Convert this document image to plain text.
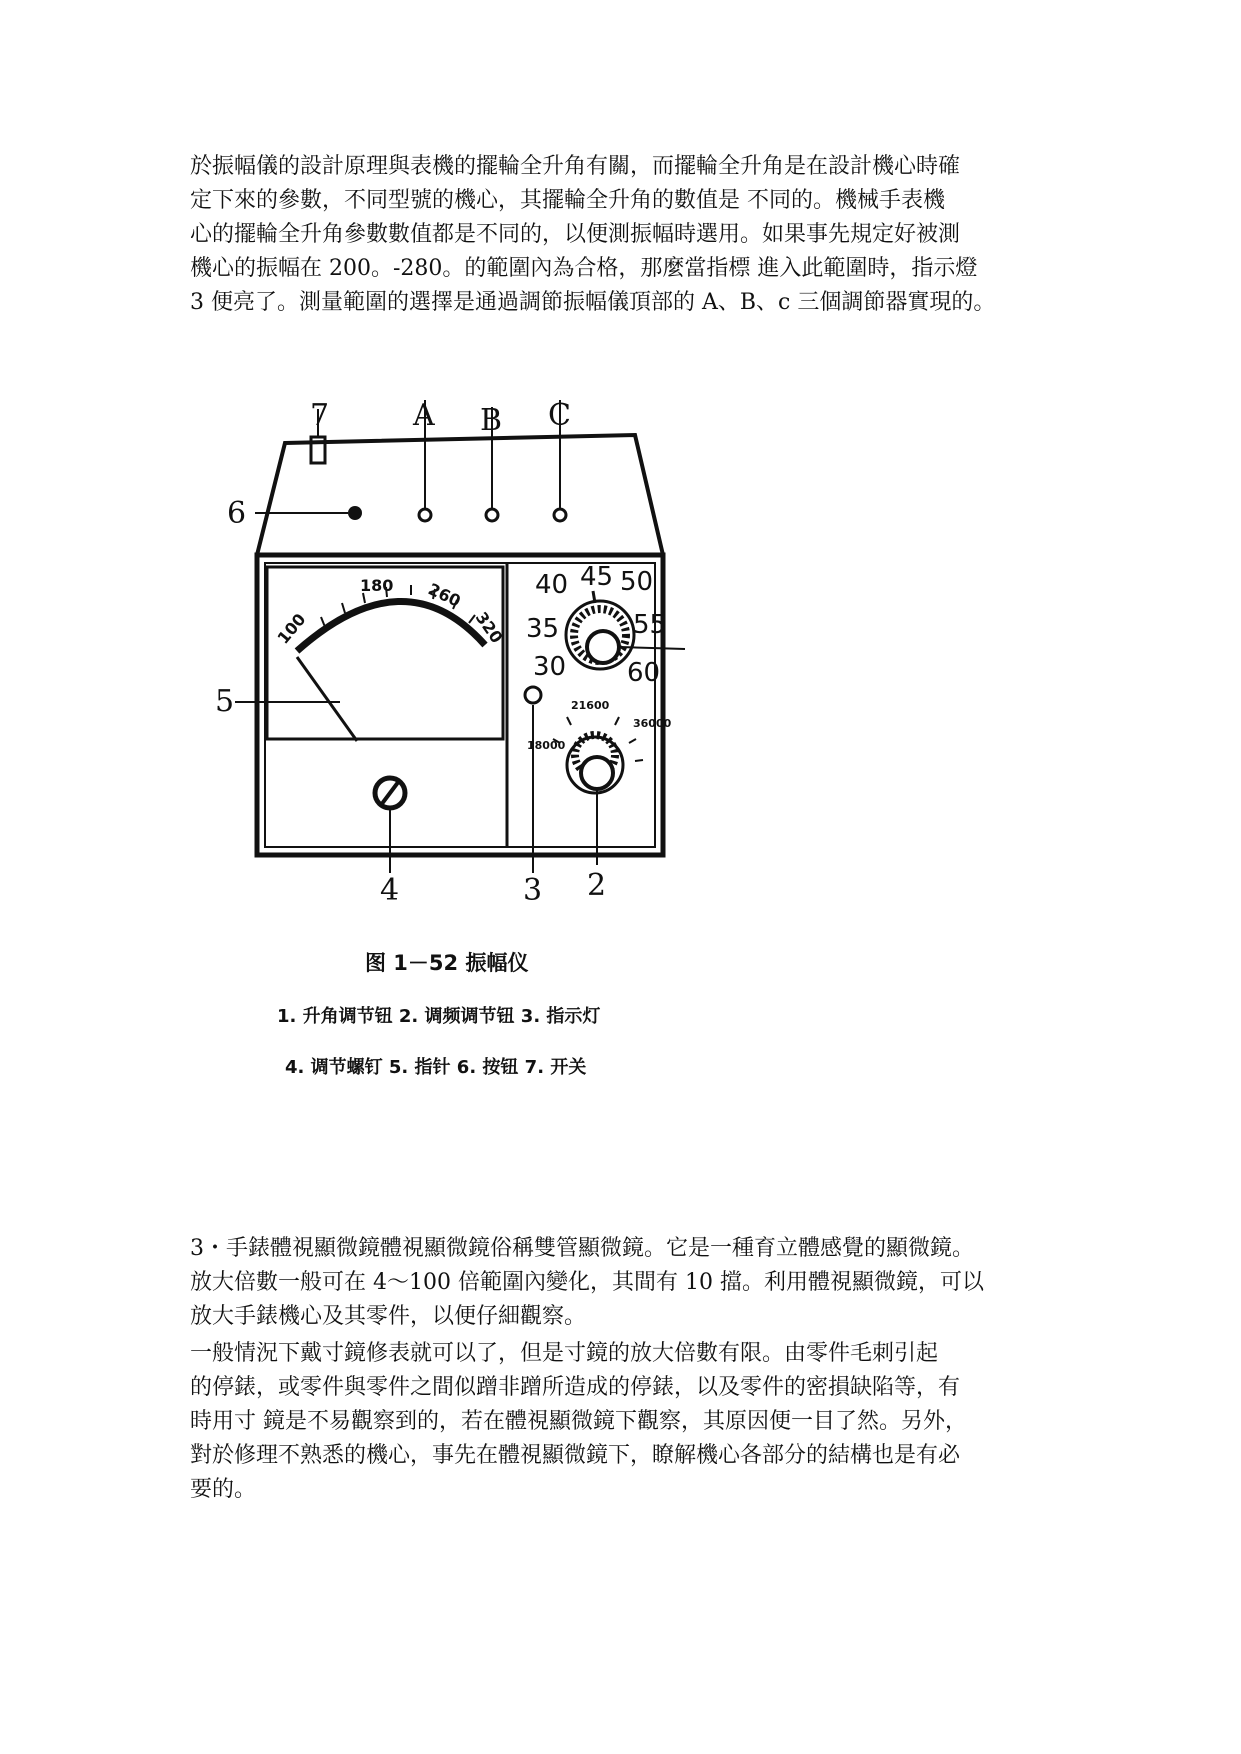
於振幅儀的設計原理與表機的擺輪全升角有關，而擺輪全升角是在設計機心時確
定下來的參數，不同型號的機心，其擺輪全升角的數值是 不同的。機械手表機
心的擺輪全升角參數數值都是不同的，以便測振幅時選用。如果事先規定好被測
機心的振幅在 200。-280。的範圍內為合格，那麼當指標 進入此範圍時，指示燈
3 便亮了。測量範圍的選擇是通過調節振幅儀頂部的 A、B、c 三個調節器實現的。
7	A B C
6
5
4	3 2
100
180 260
320
40 45 50
35	55
30 60
21600
36000
18000
图 1－52 振幅仪
1. 升角调节钮 2. 调频调节钮 3. 指示灯
4. 调节螺钉 5. 指针 6. 按钮 7. 开关
3・手錶體視顯微鏡體視顯微鏡俗稱雙管顯微鏡。它是一種育立體感覺的顯微鏡。
放大倍數一般可在 4～100 倍範圍內變化，其間有 10 擋。利用體視顯微鏡，可以
放大手錶機心及其零件，以便仔細觀察。
一般情況下戴寸鏡修表就可以了，但是寸鏡的放大倍數有限。由零件毛刺引起
的停錶，或零件與零件之間似蹭非蹭所造成的停錶，以及零件的密損缺陷等，有
時用寸 鏡是不易觀察到的，若在體視顯微鏡下觀察，其原因便一目了然。另外，
對於修理不熟悉的機心，事先在體視顯微鏡下，瞭解機心各部分的結構也是有必
要的。
